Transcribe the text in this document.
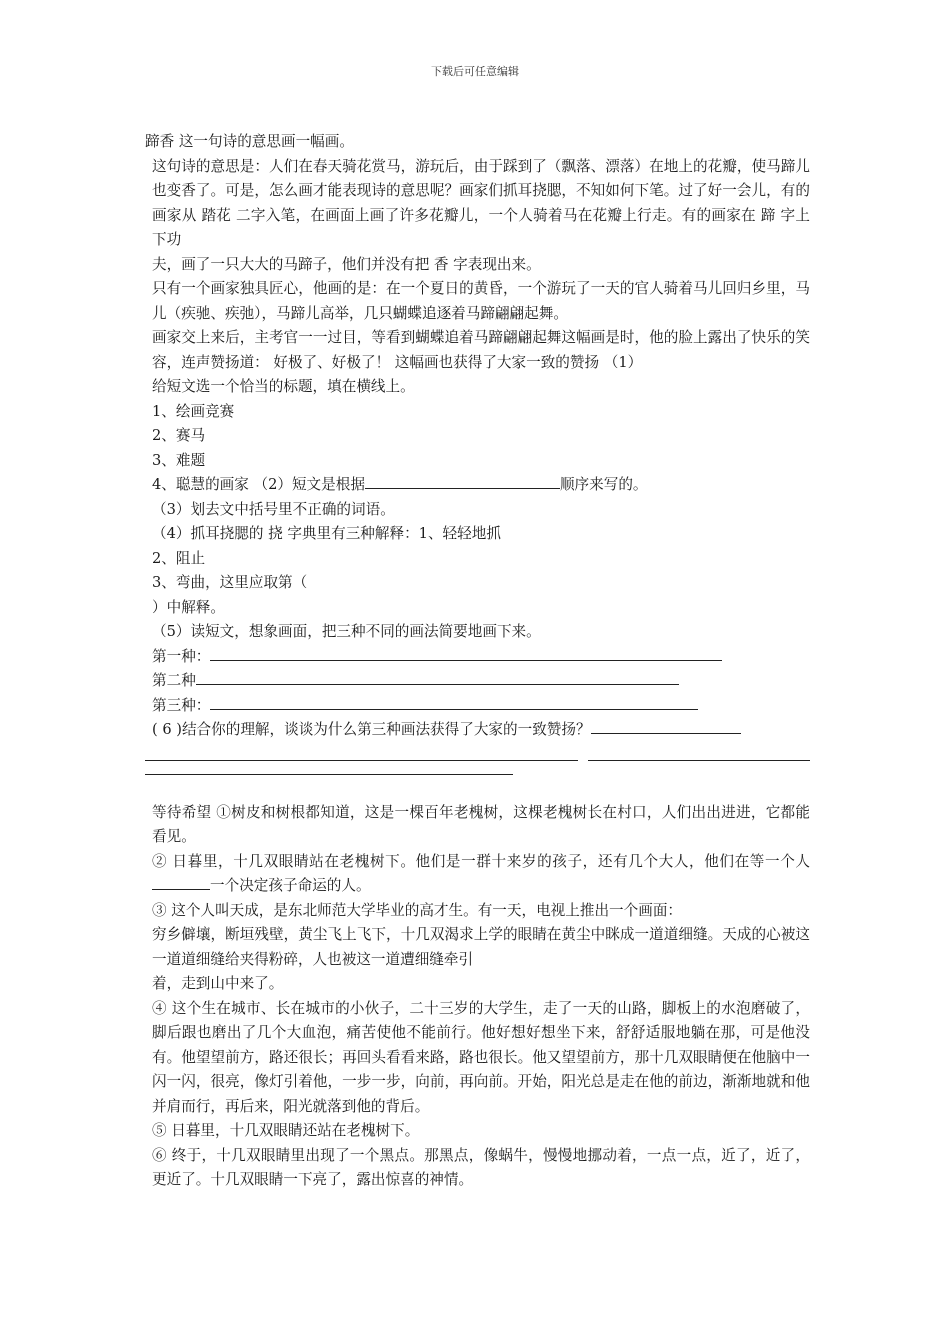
下载后可任意编辑

蹄香 这一句诗的意思画一幅画。

这句诗的意思是：人们在春天骑花赏马，游玩后，由于踩到了（飘落、漂落）在地上的花瓣，使马蹄儿也变香了。可是，怎么画才能表现诗的意思呢？画家们抓耳挠腮，不知如何下笔。过了好一会儿，有的画家从 踏花 二字入笔，在画面上画了许多花瓣儿，一个人骑着马在花瓣上行走。有的画家在 蹄 字上下功

夫，画了一只大大的马蹄子，他们并没有把 香 字表现出来。

只有一个画家独具匠心，他画的是：在一个夏日的黄昏，一个游玩了一天的官人骑着马儿回归乡里，马儿（疾驰、疾弛），马蹄儿高举，几只蝴蝶追逐着马蹄翩翩起舞。

画家交上来后，主考官一一过目，等看到蝴蝶追着马蹄翩翩起舞这幅画是时，他的脸上露出了快乐的笑容，连声赞扬道： 好极了、好极了！ 这幅画也获得了大家一致的赞扬 （1）

给短文选一个恰当的标题，填在横线上。

1、绘画竞赛

2、赛马

3、难题

4、聪慧的画家 （2）短文是根据	顺序来写的。

（3）划去文中括号里不正确的词语。

（4）抓耳挠腮的 挠 字典里有三种解释：1、轻轻地抓

2、阻止

3、弯曲，这里应取第（

）中解释。

（5）读短文，想象画面，把三种不同的画法简要地画下来。

第一种：

第二种

第三种：

( 6 )结合你的理解，谈谈为什么第三种画法获得了大家的一致赞扬？

等待希望 ①树皮和树根都知道，这是一棵百年老槐树，这棵老槐树长在村口，人们出出进进，它都能看见。

② 日暮里，十几双眼睛站在老槐树下。他们是一群十来岁的孩子，还有几个大人，他们在等一个人一个决定孩子命运的人。

③ 这个人叫天成，是东北师范大学毕业的高才生。有一天，电视上推出一个画面：

穷乡僻壤，断垣残壁，黄尘飞上飞下，十几双渴求上学的眼睛在黄尘中眯成一道道细缝。天成的心被这一道道细缝给夹得粉碎，人也被这一道遭细缝牵引

着，走到山中来了。

④ 这个生在城市、长在城市的小伙子，二十三岁的大学生，走了一天的山路，脚板上的水泡磨破了，脚后跟也磨出了几个大血泡，痛苦使他不能前行。他好想好想坐下来，舒舒适服地躺在那，可是他没有。他望望前方，路还很长；再回头看看来路，路也很长。他又望望前方，那十几双眼睛便在他脑中一闪一闪，很亮，像灯引着他，一步一步，向前，再向前。开始，阳光总是走在他的前边，渐渐地就和他并肩而行，再后来，阳光就落到他的背后。

⑤ 日暮里，十几双眼睛还站在老槐树下。

⑥ 终于，十几双眼睛里出现了一个黑点。那黑点，像蜗牛，慢慢地挪动着，一点一点，近了，近了，更近了。十几双眼睛一下亮了，露出惊喜的神情。
